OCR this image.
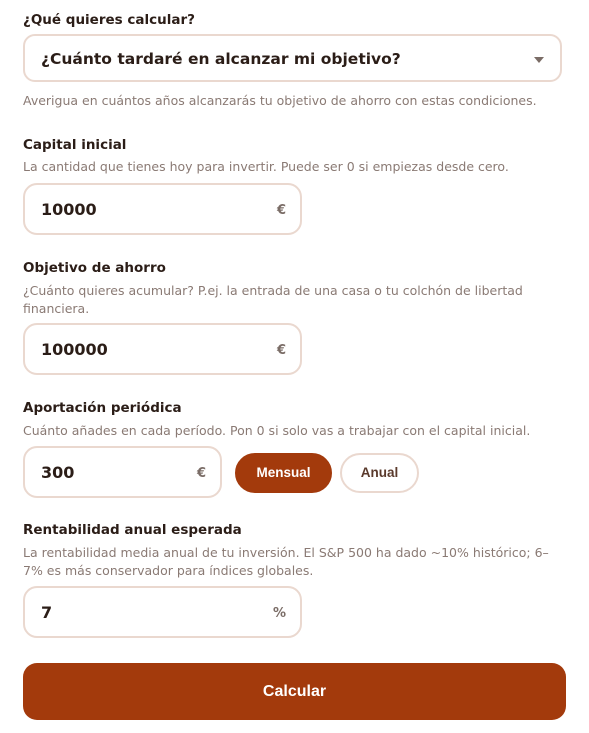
¿Qué quieres calcular?
¿Cuánto tardaré en alcanzar mi objetivo?
Averigua en cuántos años alcanzarás tu objetivo de ahorro con estas condiciones.
Capital inicial
La cantidad que tienes hoy para invertir. Puede ser 0 si empiezas desde cero.
10000	€
Objetivo de ahorro
¿Cuánto quieres acumular? P.ej. la entrada de una casa o tu colchón de libertad financiera.
100000	€
Aportación periódica
Cuánto añades en cada período. Pon 0 si solo vas a trabajar con el capital inicial.
300	€	Mensual	Anual
Rentabilidad anual esperada
La rentabilidad media anual de tu inversión. El S&P 500 ha dado ~10% histórico; 6–7% es más conservador para índices globales.
7	%
Calcular
